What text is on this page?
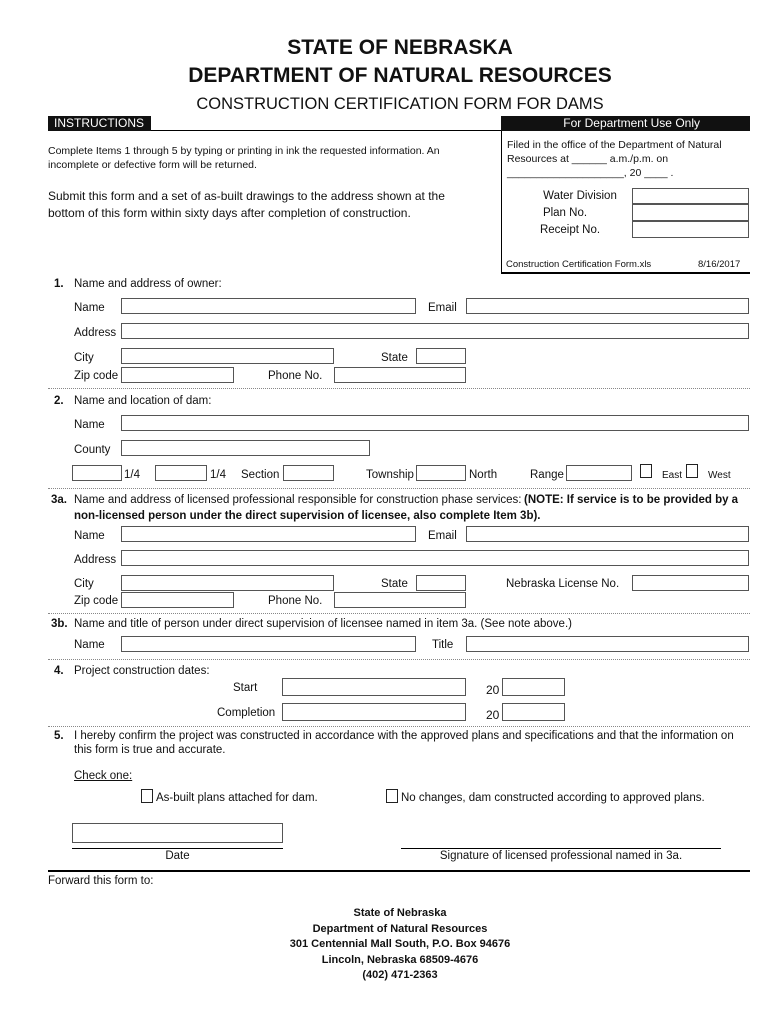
STATE OF NEBRASKA
DEPARTMENT OF NATURAL RESOURCES
CONSTRUCTION CERTIFICATION FORM FOR DAMS
INSTRUCTIONS	For Department Use Only
Complete Items 1 through 5 by typing or printing in ink the requested information. An
incomplete or defective form will be returned.
Submit this form and a set of as-built drawings to the address shown at the
bottom of this form within sixty days after completion of construction.
Filed in the office of the Department of Natural
Resources at ______ a.m./p.m. on
____________________, 20 ____ .
Water Division
Plan No.
Receipt No.
Construction Certification Form.xls	8/16/2017
1. Name and address of owner:
Name	Email
Address
City	State
Zip code	Phone No.
2. Name and location of dam:
Name
County
1/4	1/4 Section	Township	North	Range	East	West
3a. Name and address of licensed professional responsible for construction phase services: (NOTE: If service is to be provided by a
non-licensed person under the direct supervision of licensee, also complete Item 3b).
Name	Email
Address
City	State	Nebraska License No.
Zip code	Phone No.
3b. Name and title of person under direct supervision of licensee named in item 3a. (See note above.)
Name	Title
4. Project construction dates:
Start	20
Completion	20
5. I hereby confirm the project was constructed in accordance with the approved plans and specifications and that the information on
this form is true and accurate.
Check one:
As-built plans attached for dam.	No changes, dam constructed according to approved plans.
Date	Signature of licensed professional named in 3a.
Forward this form to:
State of Nebraska
Department of Natural Resources
301 Centennial Mall South, P.O. Box 94676
Lincoln, Nebraska 68509-4676
(402) 471-2363
